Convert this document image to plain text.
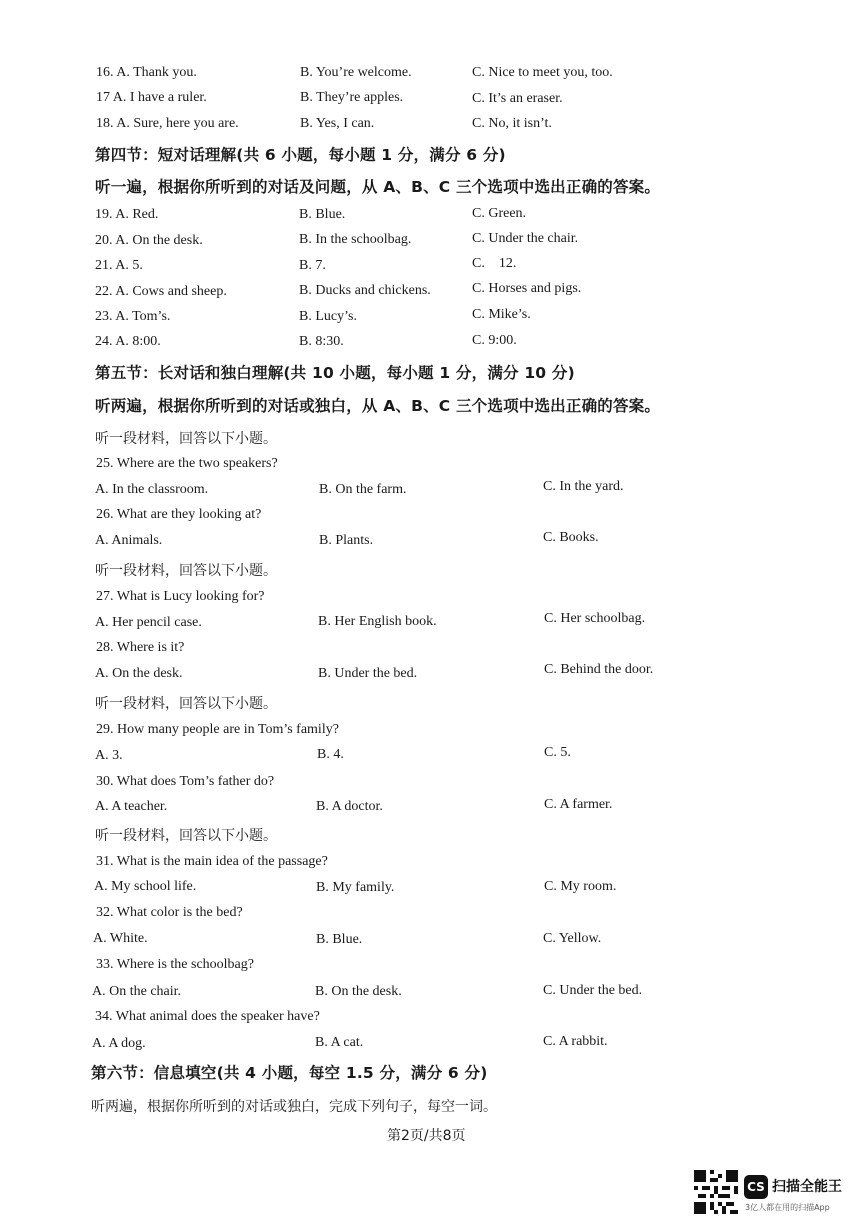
16. A. Thank you.	B. You’re welcome.	C. Nice to meet you, too.
17 A. I have a ruler.	B. They’re apples.	C. It’s an eraser.
18. A. Sure, here you are.	B. Yes, I can.	C. No, it isn’t.
第四节：短对话理解(共 6 小题，每小题 1 分，满分 6 分)
听一遍，根据你所听到的对话及问题，从 A、B、C 三个选项中选出正确的答案。
19. A. Red.	B. Blue.	C. Green.
20. A. On the desk.	B. In the schoolbag.	C. Under the chair.
21. A. 5.	B. 7.	C.    12.
22. A. Cows and sheep.	B. Ducks and chickens.	C. Horses and pigs.
23. A. Tom’s.	B. Lucy’s.	C. Mike’s.
24. A. 8:00.	B. 8:30.	C. 9:00.
第五节：长对话和独白理解(共 10 小题，每小题 1 分，满分 10 分)
听两遍，根据你所听到的对话或独白，从 A、B、C 三个选项中选出正确的答案。
听一段材料，回答以下小题。
25. Where are the two speakers?
A. In the classroom.	B. On the farm.	C. In the yard.
26. What are they looking at?
A. Animals.	B. Plants.	C. Books.
听一段材料，回答以下小题。
27. What is Lucy looking for?
A. Her pencil case.	B. Her English book.	C. Her schoolbag.
28. Where is it?
A. On the desk.	B. Under the bed.	C. Behind the door.
听一段材料，回答以下小题。
29. How many people are in Tom’s family?
A. 3.	B. 4.	C. 5.
30. What does Tom’s father do?
A. A teacher.	B. A doctor.	C. A farmer.
听一段材料，回答以下小题。
31. What is the main idea of the passage?
A. My school life.	B. My family.	C. My room.
32. What color is the bed?
A. White.	B. Blue.	C. Yellow.
33. Where is the schoolbag?
A. On the chair.	B. On the desk.	C. Under the bed.
34. What animal does the speaker have?
A. A dog.	B. A cat.	C. A rabbit.
第六节：信息填空(共 4 小题，每空 1.5 分，满分 6 分)
听两遍，根据你所听到的对话或独白，完成下列句子，每空一词。
第2页/共8页
CS 扫描全能王
3亿人都在用的扫描App
